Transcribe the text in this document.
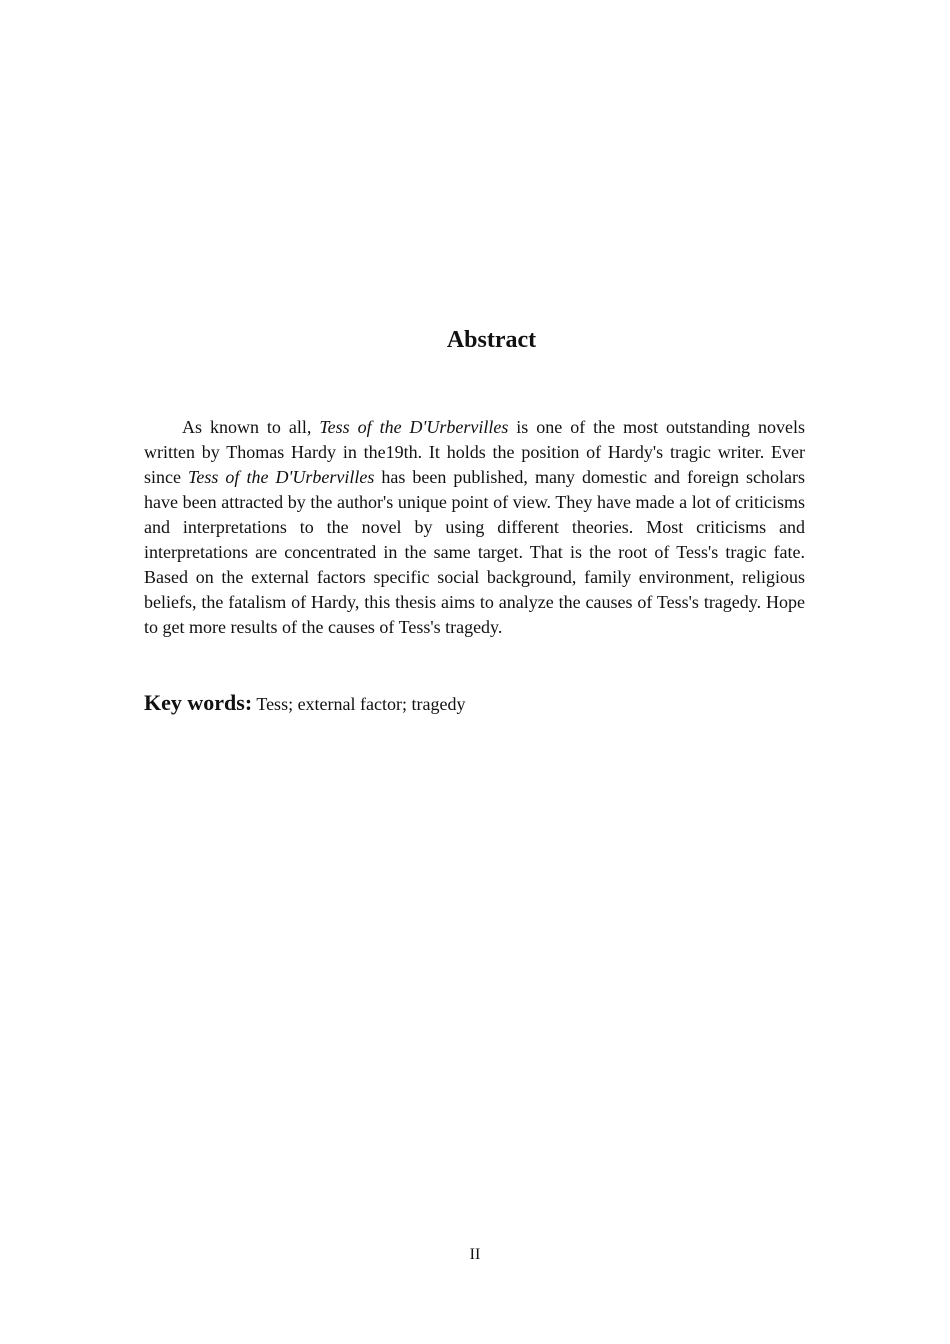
Abstract

As known to all, Tess of the D'Urbervilles is one of the most outstanding novels written by Thomas Hardy in the19th. It holds the position of Hardy's tragic writer. Ever since Tess of the D'Urbervilles has been published, many domestic and foreign scholars have been attracted by the author's unique point of view. They have made a lot of criticisms and interpretations to the novel by using different theories. Most criticisms and interpretations are concentrated in the same target. That is the root of Tess's tragic fate. Based on the external factors specific social background, family environment, religious beliefs, the fatalism of Hardy, this thesis aims to analyze the causes of Tess's tragedy. Hope to get more results of the causes of Tess's tragedy.

Key words: Tess; external factor; tragedy

II
